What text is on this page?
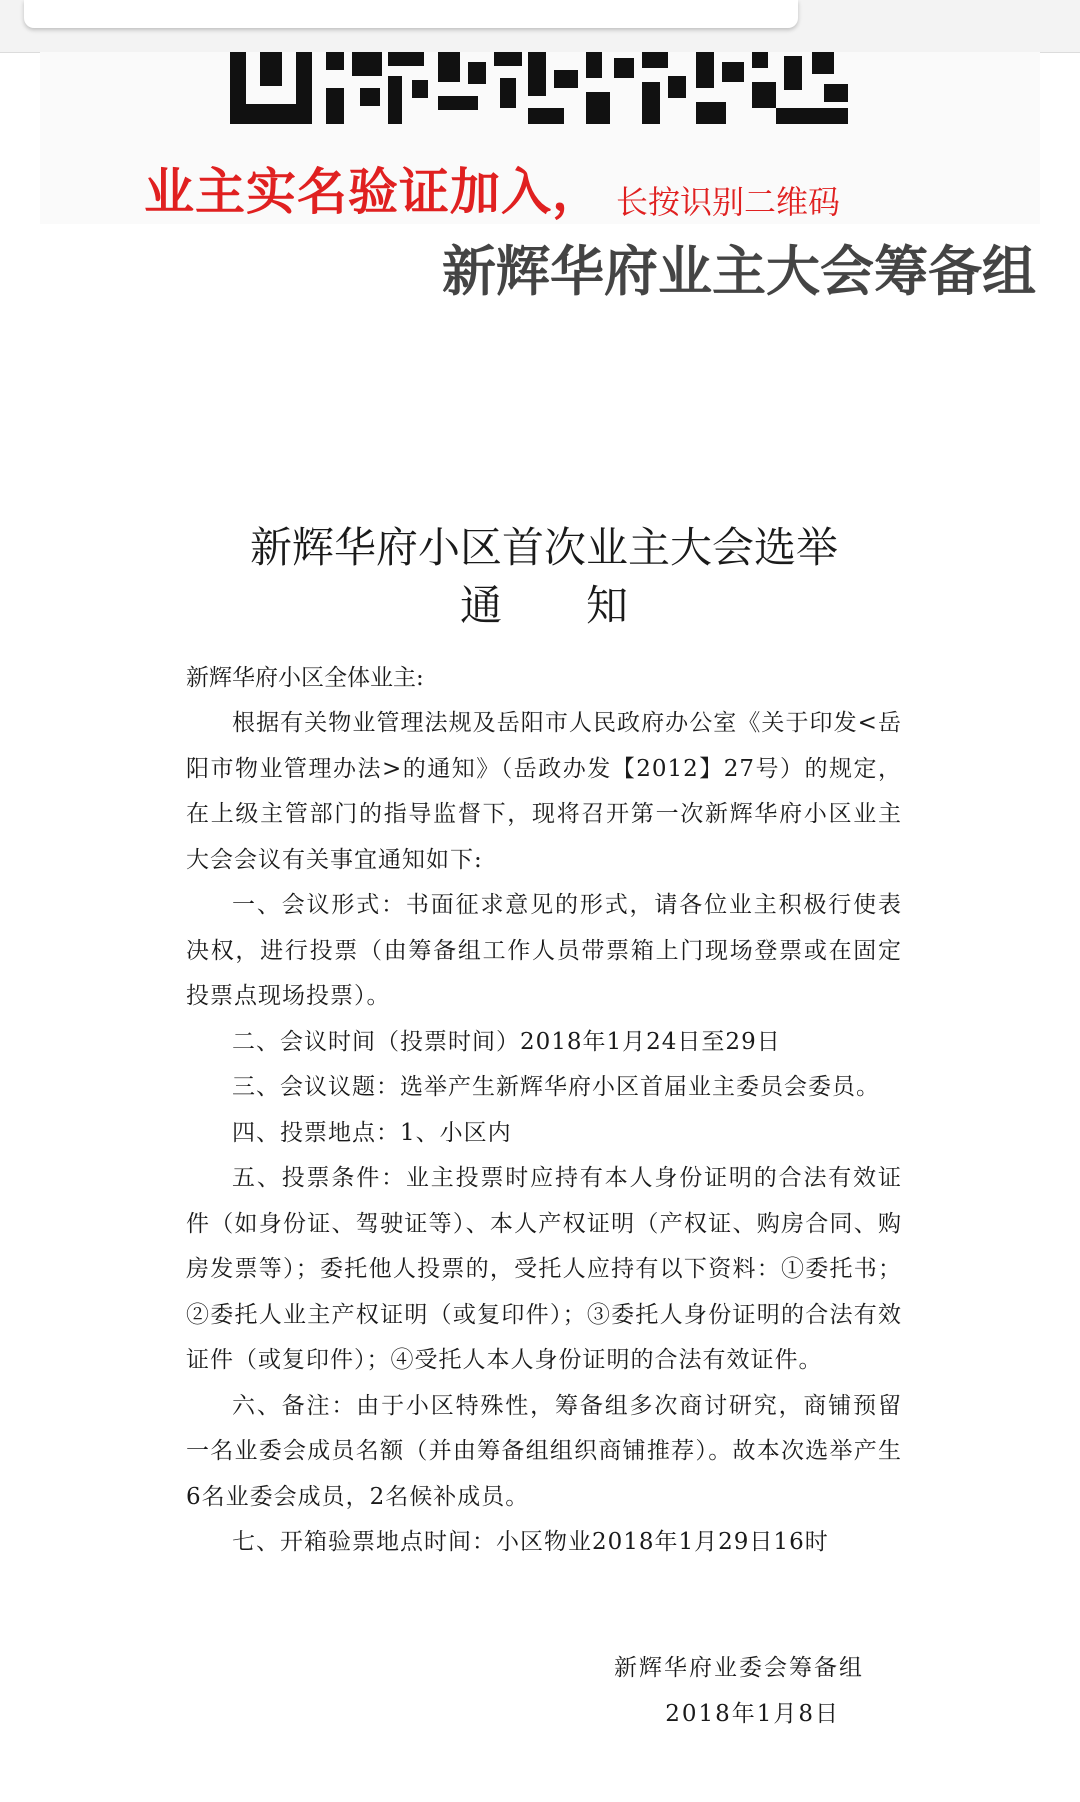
业主实名验证加入， 长按识别二维码
新辉华府业主大会筹备组
新辉华府小区首次业主大会选举
通知
新辉华府小区全体业主:
根据有关物业管理法规及岳阳市人民政府办公室《关于印发<岳阳市物业管理办法>的通知》（岳政办发【2012】27号）的规定，在上级主管部门的指导监督下，现将召开第一次新辉华府小区业主大会会议有关事宜通知如下:
一、会议形式：书面征求意见的形式，请各位业主积极行使表决权，进行投票（由筹备组工作人员带票箱上门现场登票或在固定投票点现场投票）。
二、会议时间（投票时间）2018年1月24日至29日
三、会议议题：选举产生新辉华府小区首届业主委员会委员。
四、投票地点：1、小区内
五、投票条件：业主投票时应持有本人身份证明的合法有效证件（如身份证、驾驶证等）、本人产权证明（产权证、购房合同、购房发票等）；委托他人投票的，受托人应持有以下资料：①委托书；②委托人业主产权证明（或复印件）；③委托人身份证明的合法有效证件（或复印件）；④受托人本人身份证明的合法有效证件。
六、备注：由于小区特殊性，筹备组多次商讨研究，商铺预留一名业委会成员名额（并由筹备组组织商铺推荐）。故本次选举产生6名业委会成员，2名候补成员。
七、开箱验票地点时间：小区物业2018年1月29日16时
新辉华府业委会筹备组
2018年1月8日
